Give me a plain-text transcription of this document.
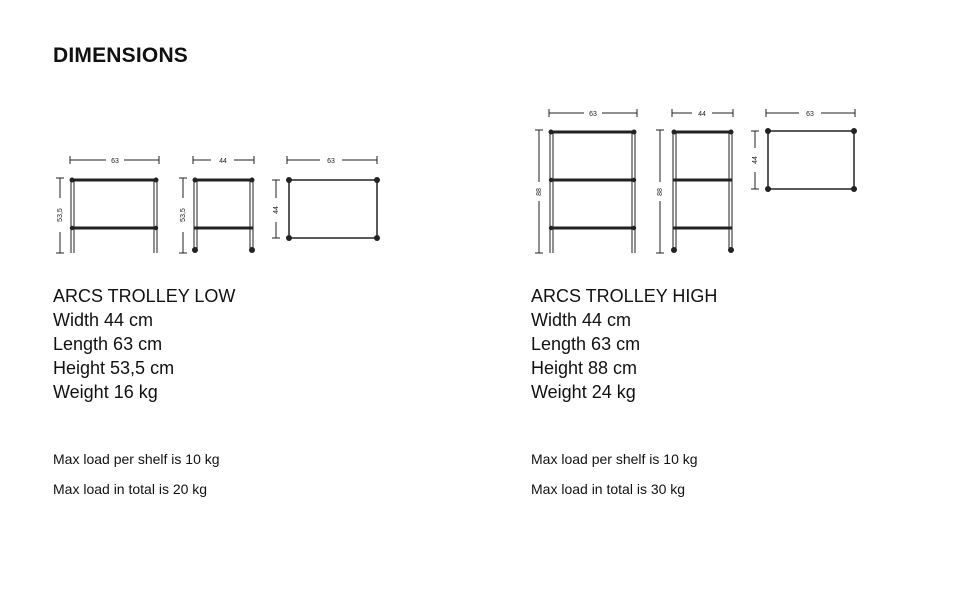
DIMENSIONS
63
53,5
44
53,5
63
44
63
88
44
88
63
44
ARCS TROLLEY LOW
Width 44 cm
Length 63 cm
Height 53,5 cm
Weight 16 kg
Max load per shelf is 10 kg
Max load in total is 20 kg
ARCS TROLLEY HIGH
Width 44 cm
Length 63 cm
Height 88 cm
Weight 24 kg
Max load per shelf is 10 kg
Max load in total is 30 kg
